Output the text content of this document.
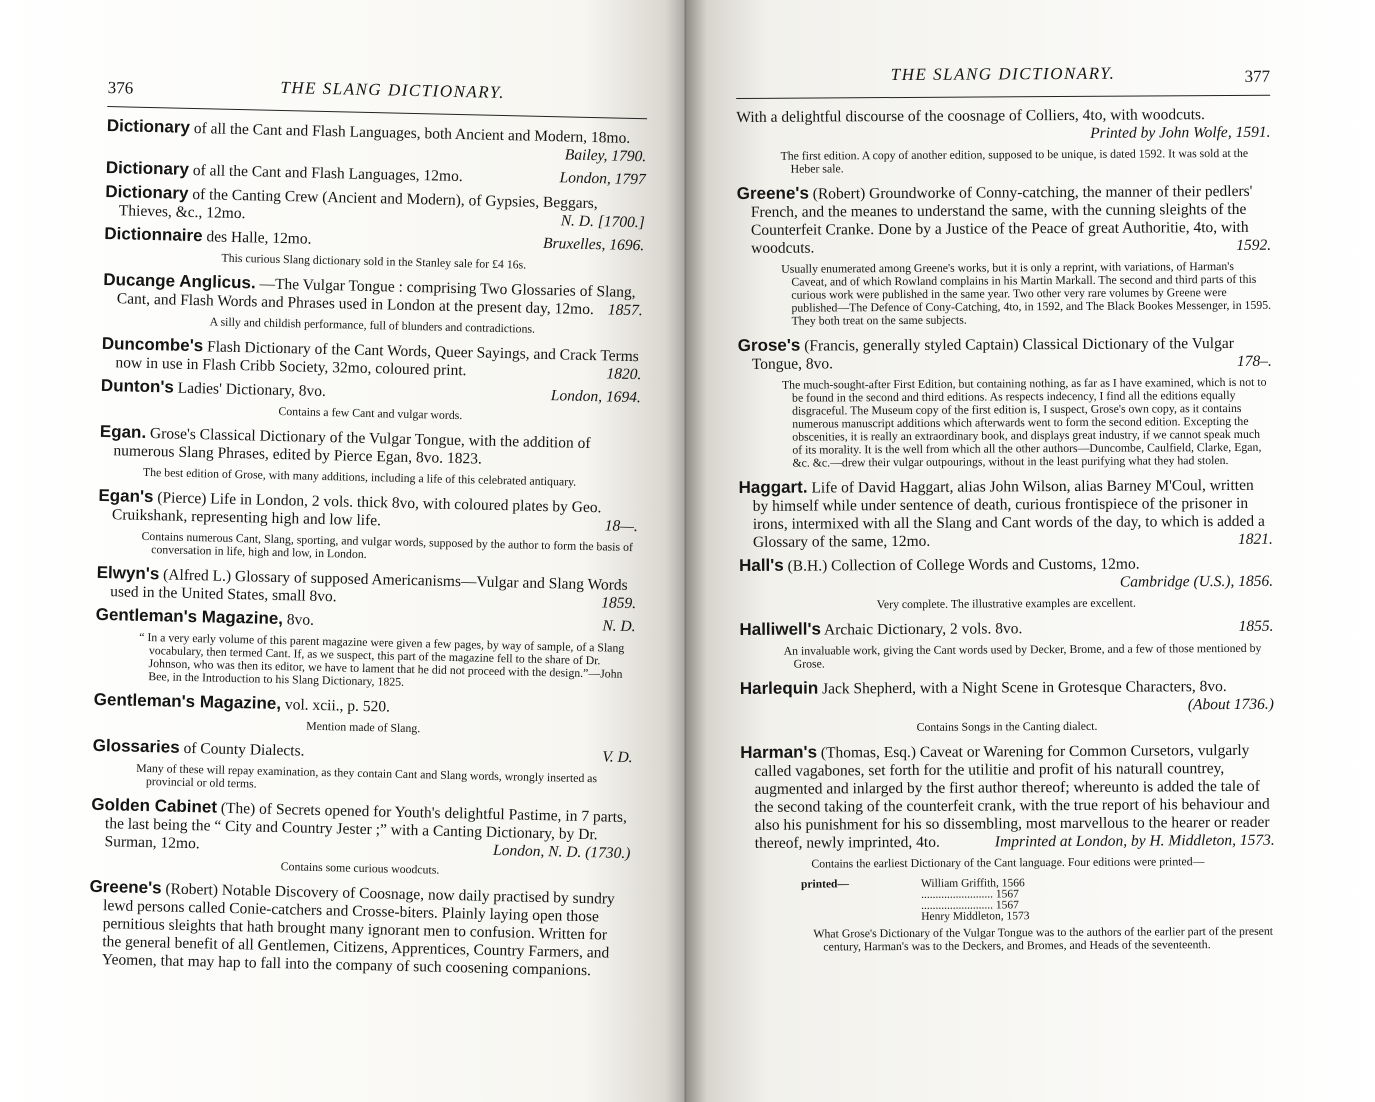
376	THE SLANG DICTIONARY.
Dictionary of all the Cant and Flash Languages, both Ancient and Modern, 18mo.
Bailey, 1790.
Dictionary of all the Cant and Flash Languages, 12mo.	London, 1797
Dictionary of the Canting Crew (Ancient and Modern), of Gypsies, Beggars, Thieves, &c., 12mo.	N. D. [1700.]
Dictionnaire des Halle, 12mo.	Bruxelles, 1696.
This curious Slang dictionary sold in the Stanley sale for £4 16s.
Ducange Anglicus. —The Vulgar Tongue : comprising Two Glossaries of Slang, Cant, and Flash Words and Phrases used in London at the present day, 12mo. 1857.
A silly and childish performance, full of blunders and contradictions.
Duncombe's Flash Dictionary of the Cant Words, Queer Sayings, and Crack Terms now in use in Flash Cribb Society, 32mo, coloured print.	1820.
Dunton's Ladies' Dictionary, 8vo.	London, 1694.
Contains a few Cant and vulgar words.
Egan. Grose's Classical Dictionary of the Vulgar Tongue, with the addition of numerous Slang Phrases, edited by Pierce Egan, 8vo. 1823.
The best edition of Grose, with many additions, including a life of this celebrated antiquary.
Egan's (Pierce) Life in London, 2 vols. thick 8vo, with coloured plates by Geo. Cruikshank, representing high and low life.	18—.
Contains numerous Cant, Slang, sporting, and vulgar words, supposed by the author to form the basis of conversation in life, high and low, in London.
Elwyn's (Alfred L.) Glossary of supposed Americanisms—Vulgar and Slang Words used in the United States, small 8vo.	1859.
Gentleman's Magazine, 8vo.	N. D.
“ In a very early volume of this parent magazine were given a few pages, by way of sample, of a Slang vocabulary, then termed Cant. If, as we suspect, this part of the magazine fell to the share of Dr. Johnson, who was then its editor, we have to lament that he did not proceed with the design.”—John Bee, in the Introduction to his Slang Dictionary, 1825.
Gentleman's Magazine, vol. xcii., p. 520.
Mention made of Slang.
Glossaries of County Dialects.	V. D.
Many of these will repay examination, as they contain Cant and Slang words, wrongly inserted as provincial or old terms.
Golden Cabinet (The) of Secrets opened for Youth's delightful Pastime, in 7 parts, the last being the “ City and Country Jester ;” with a Canting Dictionary, by Dr. Surman, 12mo.	London, N. D. (1730.)
Contains some curious woodcuts.
Greene's (Robert) Notable Discovery of Coosnage, now daily practised by sundry lewd persons called Conie-catchers and Crosse-biters. Plainly laying open those pernitious sleights that hath brought many ignorant men to confusion. Written for the general benefit of all Gentlemen, Citizens, Apprentices, Country Farmers, and Yeomen, that may hap to fall into the company of such coosening companions.
THE SLANG DICTIONARY.	377
With a delightful discourse of the coosnage of Colliers, 4to, with woodcuts.
Printed by John Wolfe, 1591.
The first edition. A copy of another edition, supposed to be unique, is dated 1592. It was sold at the Heber sale.
Greene's (Robert) Groundworke of Conny-catching, the manner of their pedlers' French, and the meanes to understand the same, with the cunning sleights of the Counterfeit Cranke. Done by a Justice of the Peace of great Authoritie, 4to, with woodcuts.	1592.
Usually enumerated among Greene's works, but it is only a reprint, with variations, of Harman's Caveat, and of which Rowland complains in his Martin Markall. The second and third parts of this curious work were published in the same year. Two other very rare volumes by Greene were published—The Defence of Cony-Catching, 4to, in 1592, and The Black Bookes Messenger, in 1595. They both treat on the same subjects.
Grose's (Francis, generally styled Captain) Classical Dictionary of the Vulgar Tongue, 8vo.	178–.
The much-sought-after First Edition, but containing nothing, as far as I have examined, which is not to be found in the second and third editions. As respects indecency, I find all the editions equally disgraceful. The Museum copy of the first edition is, I suspect, Grose's own copy, as it contains numerous manuscript additions which afterwards went to form the second edition. Excepting the obscenities, it is really an extraordinary book, and displays great industry, if we cannot speak much of its morality. It is the well from which all the other authors—Duncombe, Caulfield, Clarke, Egan, &c. &c.—drew their vulgar outpourings, without in the least purifying what they had stolen.
Haggart. Life of David Haggart, alias John Wilson, alias Barney M'Coul, written by himself while under sentence of death, curious frontispiece of the prisoner in irons, intermixed with all the Slang and Cant words of the day, to which is added a Glossary of the same, 12mo.	1821.
Hall's (B.H.) Collection of College Words and Customs, 12mo.
Cambridge (U.S.), 1856.
Very complete. The illustrative examples are excellent.
Halliwell's Archaic Dictionary, 2 vols. 8vo.	1855.
An invaluable work, giving the Cant words used by Decker, Brome, and a few of those mentioned by Grose.
Harlequin Jack Shepherd, with a Night Scene in Grotesque Characters, 8vo.
(About 1736.)
Contains Songs in the Canting dialect.
Harman's (Thomas, Esq.) Caveat or Warening for Common Cursetors, vulgarly called vagabones, set forth for the utilitie and profit of his naturall countrey, augmented and inlarged by the first author thereof; whereunto is added the tale of the second taking of the counterfeit crank, with the true report of his behaviour and also his punishment for his so dissembling, most marvellous to the hearer or reader thereof, newly imprinted, 4to.	Imprinted at London, by H. Middleton, 1573.
Contains the earliest Dictionary of the Cant language. Four editions were printed—
printed—	William Griffith, 1566
......................... 1567
......................... 1567
Henry Middleton, 1573
What Grose's Dictionary of the Vulgar Tongue was to the authors of the earlier part of the present century, Harman's was to the Deckers, and Bromes, and Heads of the seventeenth.
